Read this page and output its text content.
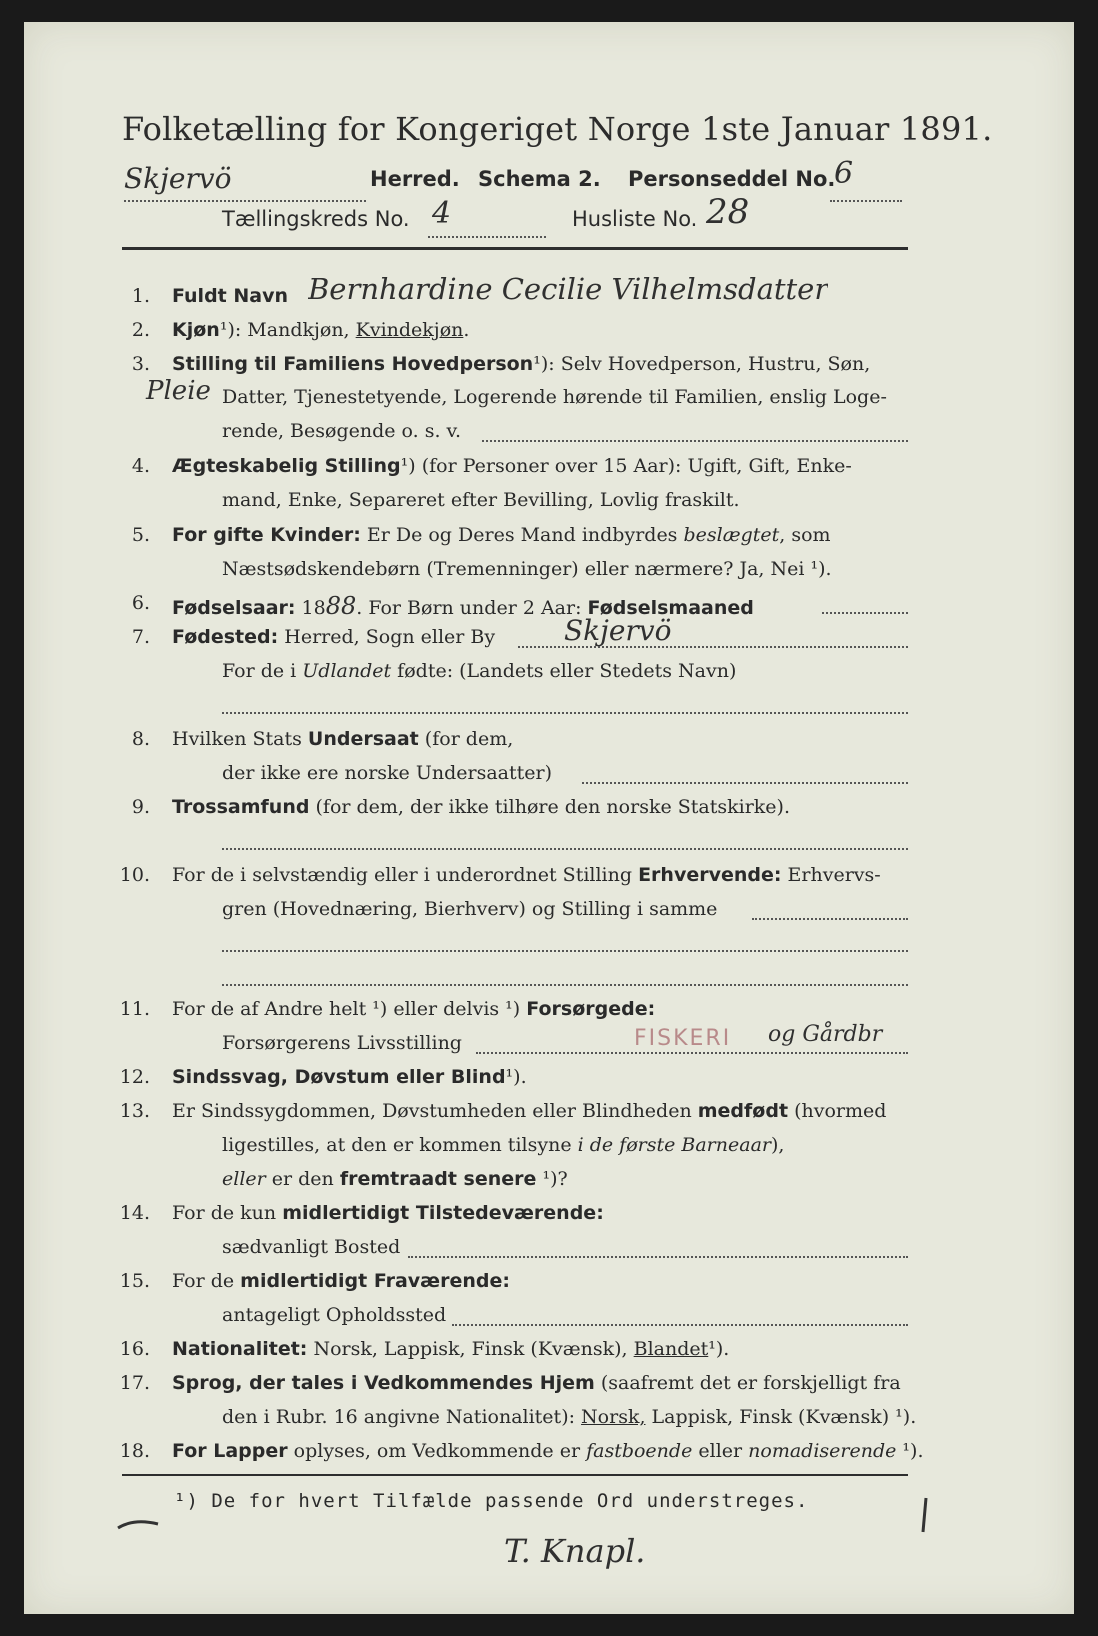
Folketælling for Kongeriget Norge 1ste Januar 1891.
Skjervö	Herred. Schema 2. Personseddel No.
6
Tællingskreds No. 4	Husliste No. 28
1. Fuldt Navn Bernhardine Cecilie Vilhelmsdatter
2. Kjøn¹): Mandkjøn, Kvindekjøn.
3. Stilling til Familiens Hovedperson¹): Selv Hovedperson, Hustru, Søn,
Pleie Datter, Tjenestetyende, Logerende hørende til Familien, enslig Loge-
rende, Besøgende o. s. v.
4. Ægteskabelig Stilling¹) (for Personer over 15 Aar): Ugift, Gift, Enke-
mand, Enke, Separeret efter Bevilling, Lovlig fraskilt.
5. For gifte Kvinder: Er De og Deres Mand indbyrdes beslægtet, som
Næstsødskendebørn (Tremenninger) eller nærmere? Ja, Nei ¹).
6. Fødselsaar: 1888. For Børn under 2 Aar: Fødselsmaaned
7. Fødested: Herred, Sogn eller By Skjervö
For de i Udlandet fødte: (Landets eller Stedets Navn)
8. Hvilken Stats Undersaat (for dem,
der ikke ere norske Undersaatter)
9. Trossamfund (for dem, der ikke tilhøre den norske Statskirke).
10. For de i selvstændig eller i underordnet Stilling Erhvervende: Erhvervs-
gren (Hovednæring, Bierhverv) og Stilling i samme
11. For de af Andre helt ¹) eller delvis ¹) Forsørgede:
Forsørgerens Livsstilling	FISKERI og Gårdbr
12. Sindssvag, Døvstum eller Blind¹).
13. Er Sindssygdommen, Døvstumheden eller Blindheden medfødt (hvormed
ligestilles, at den er kommen tilsyne i de første Barneaar),
eller er den fremtraadt senere ¹)?
14. For de kun midlertidigt Tilstedeværende:
sædvanligt Bosted
15. For de midlertidigt Fraværende:
antageligt Opholdssted
16. Nationalitet: Norsk, Lappisk, Finsk (Kvænsk), Blandet¹).
17. Sprog, der tales i Vedkommendes Hjem (saafremt det er forskjelligt fra
den i Rubr. 16 angivne Nationalitet): Norsk, Lappisk, Finsk (Kvænsk) ¹).
18. For Lapper oplyses, om Vedkommende er fastboende eller nomadiserende ¹).
¹) De for hvert Tilfælde passende Ord understreges.
T. Knapl.
